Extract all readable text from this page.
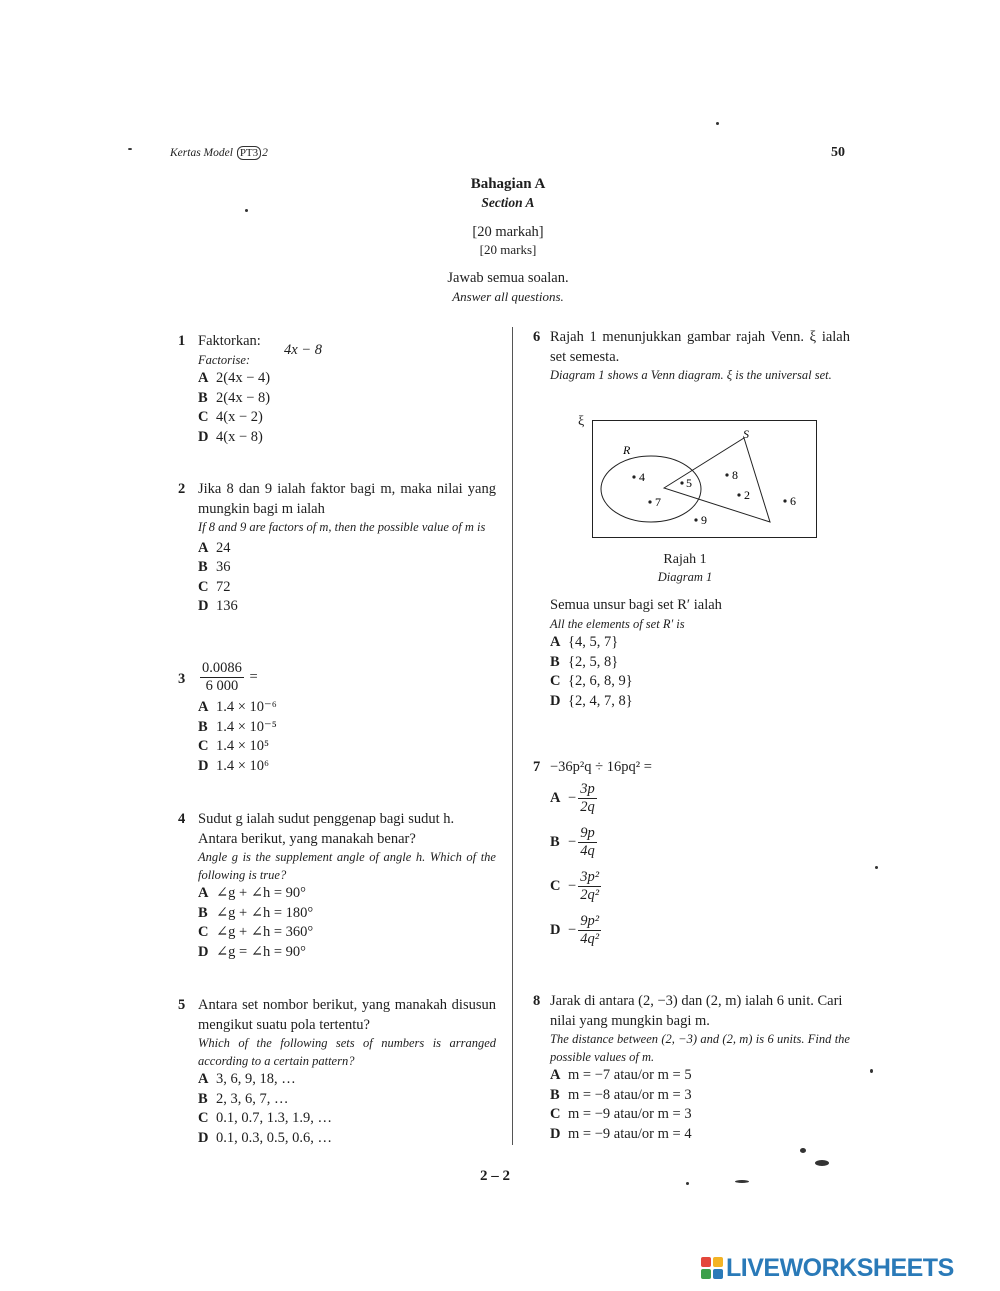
Kertas Model PT3 2	50
Bahagian A
Section A
[20 markah]
[20 marks]
Jawab semua soalan.
Answer all questions.
1 Faktorkan:
Factorise:
4x − 8
A 2(4x − 4)
B 2(4x − 8)
C 4(x − 2)
D 4(x − 8)
2 Jika 8 dan 9 ialah faktor bagi m, maka nilai yang mungkin bagi m ialah
If 8 and 9 are factors of m, then the possible value of m is
A 24
B 36
C 72
D 136
$3 \frac{0.0086}{6 000}$ =
A 1.4 × 10⁻⁶
B 1.4 × 10⁻⁵
C 1.4 × 10⁵
D 1.4 × 10⁶
4 Sudut g ialah sudut penggenap bagi sudut h. Antara berikut, yang manakah benar?
Angle g is the supplement angle of angle h. Which of the following is true?
A ∠g + ∠h = 90°
B ∠g + ∠h = 180°
C ∠g + ∠h = 360°
D ∠g = ∠h = 90°
5 Antara set nombor berikut, yang manakah disusun mengikut suatu pola tertentu?
Which of the following sets of numbers is arranged according to a certain pattern?
A 3, 6, 9, 18, …
B 2, 3, 6, 7, …
C 0.1, 0.7, 1.3, 1.9, …
D 0.1, 0.3, 0.5, 0.6, …
6 Rajah 1 menunjukkan gambar rajah Venn. ξ ialah set semesta.
Diagram 1 shows a Venn diagram. ξ is the universal set.
ξ
R
S
4	5
7
8
2
9
6
Rajah 1
Diagram 1
Semua unsur bagi set R′ ialah
All the elements of set R′ is
A {4, 5, 7}
B {2, 5, 8}
C {2, 6, 8, 9}
D {2, 4, 7, 8}
7 −36p²q ÷ 16pq² =
$A - \frac{3p}{2q}$
$B - \frac{9p}{4q}$
$C - \frac{\text{3p²}}{\text{2q²}}$
$D - \frac{\text{9p²}}{\text{4q²}}$
8 Jarak di antara (2, −3) dan (2, m) ialah 6 unit. Cari nilai yang mungkin bagi m.
The distance between (2, −3) and (2, m) is 6 units. Find the possible values of m.
A m = −7 atau/or m = 5
B m = −8 atau/or m = 3
C m = −9 atau/or m = 3
D m = −9 atau/or m = 4
2 – 2
LIVEWORKSHEETS
